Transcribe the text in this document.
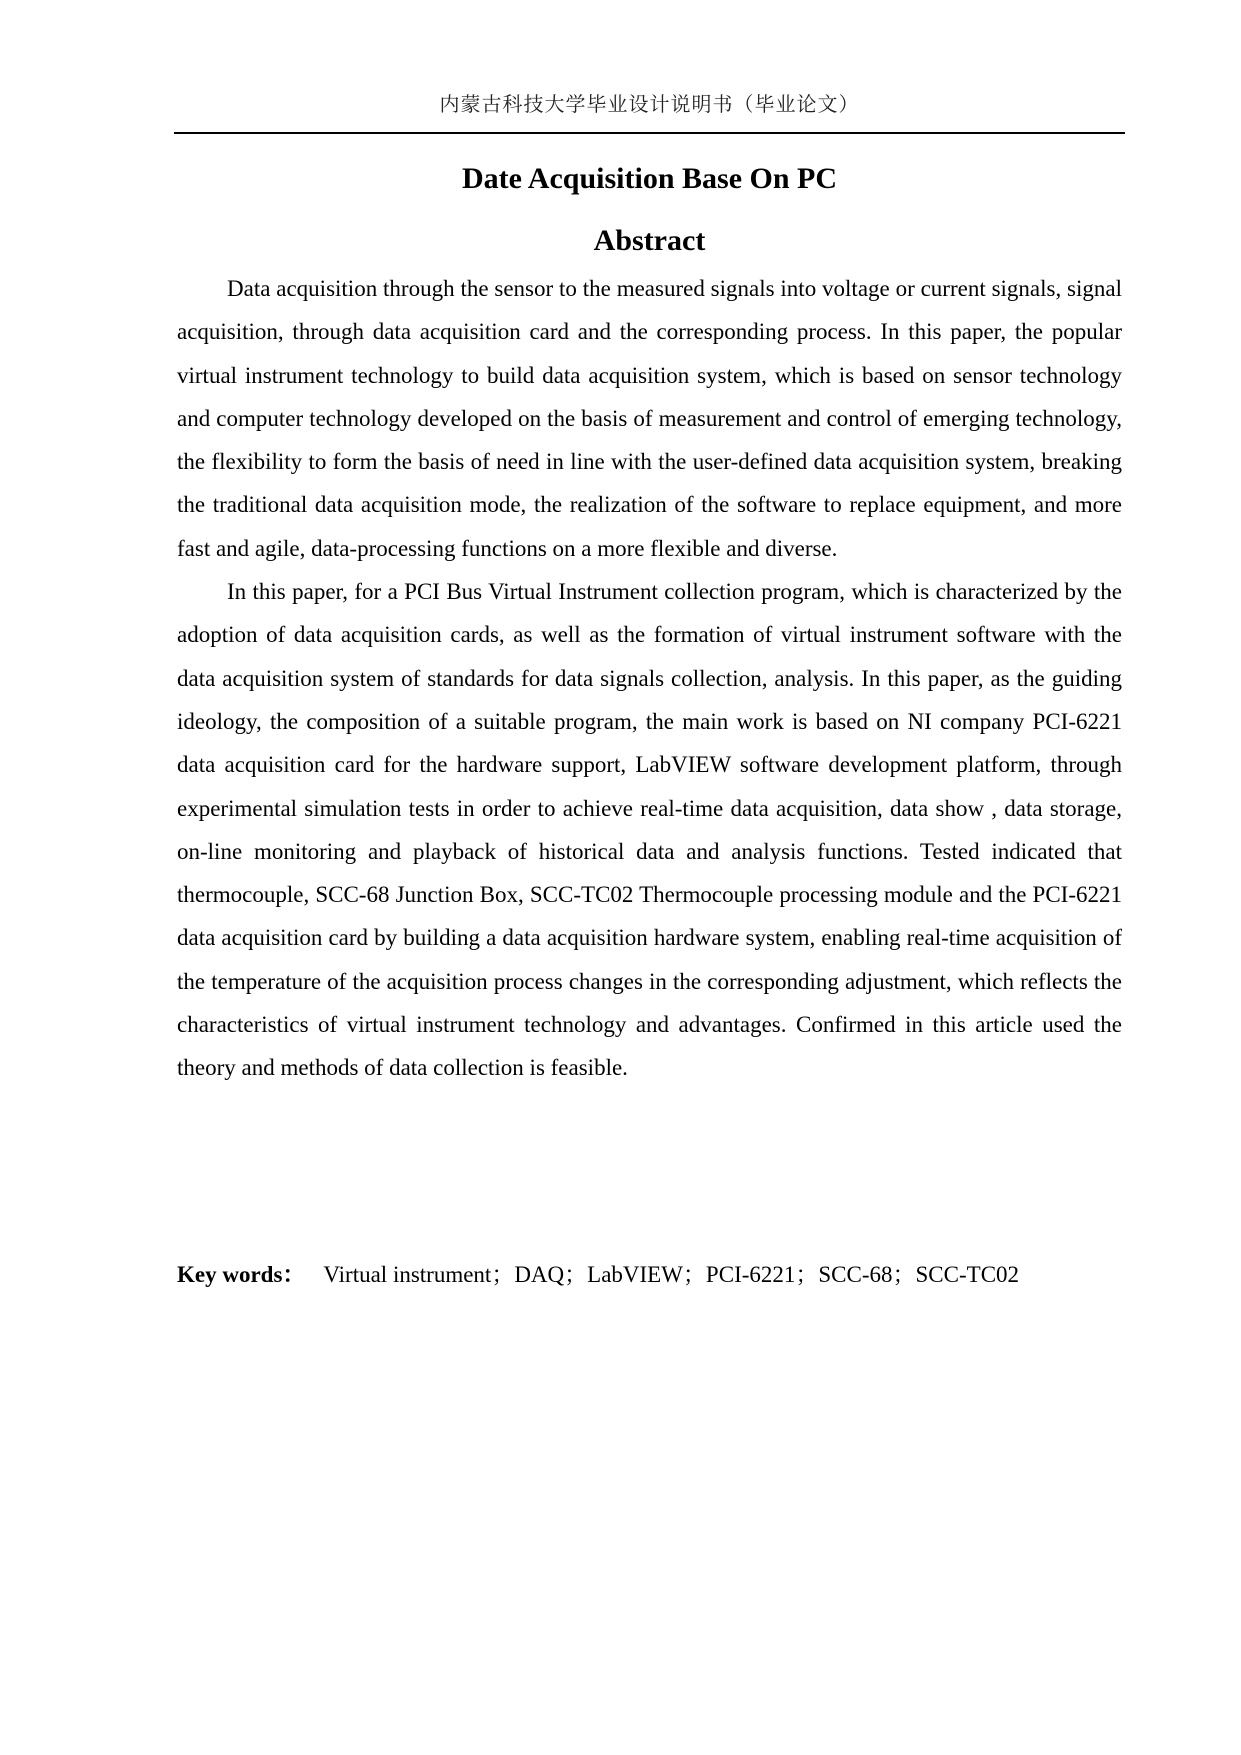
内蒙古科技大学毕业设计说明书（毕业论文）
Date Acquisition Base On PC
Abstract

Data acquisition through the sensor to the measured signals into voltage or current signals, signal acquisition, through data acquisition card and the corresponding process. In this paper, the popular virtual instrument technology to build data acquisition system, which is based on sensor technology and computer technology developed on the basis of measurement and control of emerging technology, the flexibility to form the basis of need in line with the user-defined data acquisition system, breaking the traditional data acquisition mode, the realization of the software to replace equipment, and more fast and agile, data-processing functions on a more flexible and diverse.

In this paper, for a PCI Bus Virtual Instrument collection program, which is characterized by the adoption of data acquisition cards, as well as the formation of virtual instrument software with the data acquisition system of standards for data signals collection, analysis. In this paper, as the guiding ideology, the composition of a suitable program, the main work is based on NI company PCI-6221 data acquisition card for the hardware support, LabVIEW software development platform, through experimental simulation tests in order to achieve real-time data acquisition, data show , data storage, on-line monitoring and playback of historical data and analysis functions. Tested indicated that thermocouple, SCC-68 Junction Box, SCC-TC02 Thermocouple processing module and the PCI-6221 data acquisition card by building a data acquisition hardware system, enabling real-time acquisition of the temperature of the acquisition process changes in the corresponding adjustment, which reflects the characteristics of virtual instrument technology and advantages. Confirmed in this article used the theory and methods of data collection is feasible.

Key words： Virtual instrument；DAQ；LabVIEW；PCI-6221；SCC-68；SCC-TC02
